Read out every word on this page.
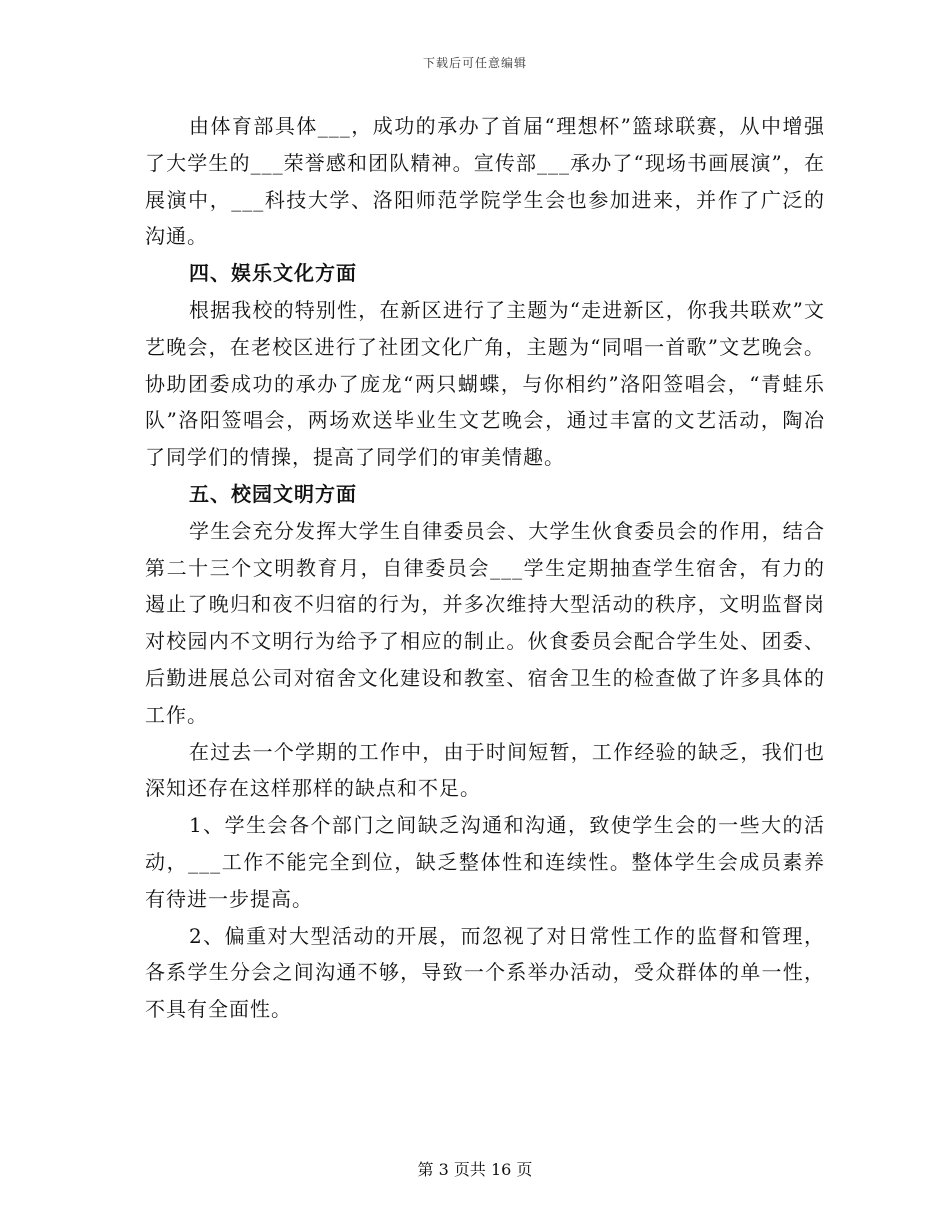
下载后可任意编辑

由体育部具体___，成功的承办了首届“理想杯”篮球联赛，从中增强了大学生的___荣誉感和团队精神。宣传部___承办了“现场书画展演”，在展演中，___科技大学、洛阳师范学院学生会也参加进来，并作了广泛的沟通。

四、娱乐文化方面

根据我校的特别性，在新区进行了主题为“走进新区，你我共联欢”文艺晚会，在老校区进行了社团文化广角，主题为“同唱一首歌”文艺晚会。协助团委成功的承办了庞龙“两只蝴蝶，与你相约”洛阳签唱会，“青蛙乐队”洛阳签唱会，两场欢送毕业生文艺晚会，通过丰富的文艺活动，陶冶了同学们的情操，提高了同学们的审美情趣。

五、校园文明方面

学生会充分发挥大学生自律委员会、大学生伙食委员会的作用，结合第二十三个文明教育月，自律委员会___学生定期抽查学生宿舍，有力的遏止了晚归和夜不归宿的行为，并多次维持大型活动的秩序，文明监督岗对校园内不文明行为给予了相应的制止。伙食委员会配合学生处、团委、后勤进展总公司对宿舍文化建设和教室、宿舍卫生的检查做了许多具体的工作。

在过去一个学期的工作中，由于时间短暂，工作经验的缺乏，我们也深知还存在这样那样的缺点和不足。

1、学生会各个部门之间缺乏沟通和沟通，致使学生会的一些大的活动，___工作不能完全到位，缺乏整体性和连续性。整体学生会成员素养有待进一步提高。

2、偏重对大型活动的开展，而忽视了对日常性工作的监督和管理，各系学生分会之间沟通不够，导致一个系举办活动，受众群体的单一性，不具有全面性。

第 3 页共 16 页
